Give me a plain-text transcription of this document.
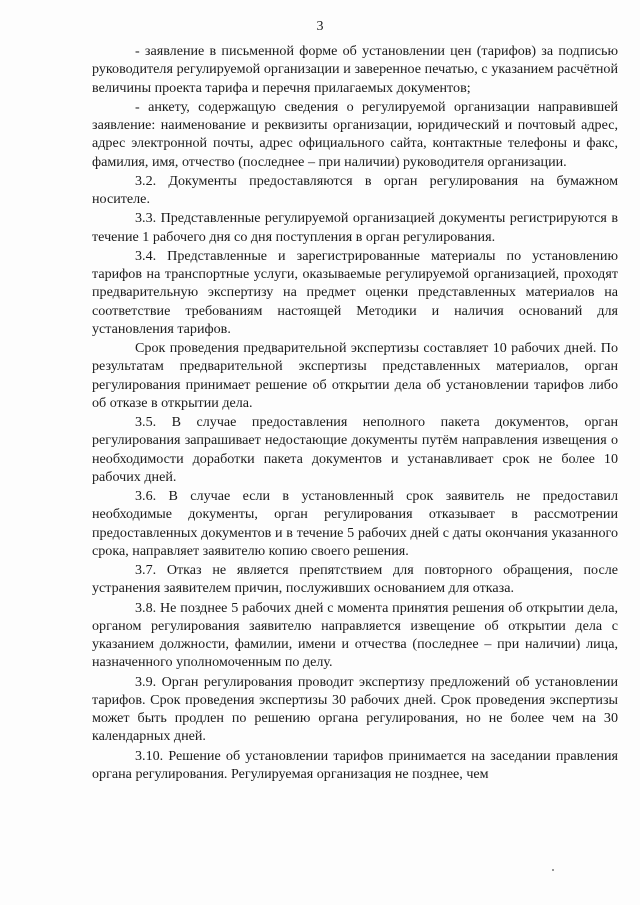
3

- заявление в письменной форме об установлении цен (тарифов) за подписью руководителя регулируемой организации и заверенное печатью, с указанием расчётной величины проекта тарифа и перечня прилагаемых документов;

- анкету, содержащую сведения о регулируемой организации направившей заявление: наименование и реквизиты организации, юридический и почтовый адрес, адрес электронной почты, адрес официального сайта, контактные телефоны и факс, фамилия, имя, отчество (последнее – при наличии) руководителя организации.

3.2. Документы предоставляются в орган регулирования на бумажном носителе.

3.3. Представленные регулируемой организацией документы регистрируются в течение 1 рабочего дня со дня поступления в орган регулирования.

3.4. Представленные и зарегистрированные материалы по установлению тарифов на транспортные услуги, оказываемые регулируемой организацией, проходят предварительную экспертизу на предмет оценки представленных материалов на соответствие требованиям настоящей Методики и наличия оснований для установления тарифов.

Срок проведения предварительной экспертизы составляет 10 рабочих дней. По результатам предварительной экспертизы представленных материалов, орган регулирования принимает решение об открытии дела об установлении тарифов либо об отказе в открытии дела.

3.5. В случае предоставления неполного пакета документов, орган регулирования запрашивает недостающие документы путём направления извещения о необходимости доработки пакета документов и устанавливает срок не более 10 рабочих дней.

3.6. В случае если в установленный срок заявитель не предоставил необходимые документы, орган регулирования отказывает в рассмотрении предоставленных документов и в течение 5 рабочих дней с даты окончания указанного срока, направляет заявителю копию своего решения.

3.7. Отказ не является препятствием для повторного обращения, после устранения заявителем причин, послуживших основанием для отказа.

3.8. Не позднее 5 рабочих дней с момента принятия решения об открытии дела, органом регулирования заявителю направляется извещение об открытии дела с указанием должности, фамилии, имени и отчества (последнее – при наличии) лица, назначенного уполномоченным по делу.

3.9. Орган регулирования проводит экспертизу предложений об установлении тарифов. Срок проведения экспертизы 30 рабочих дней. Срок проведения экспертизы может быть продлен по решению органа регулирования, но не более чем на 30 календарных дней.

3.10. Решение об установлении тарифов принимается на заседании правления органа регулирования. Регулируемая организация не позднее, чем
